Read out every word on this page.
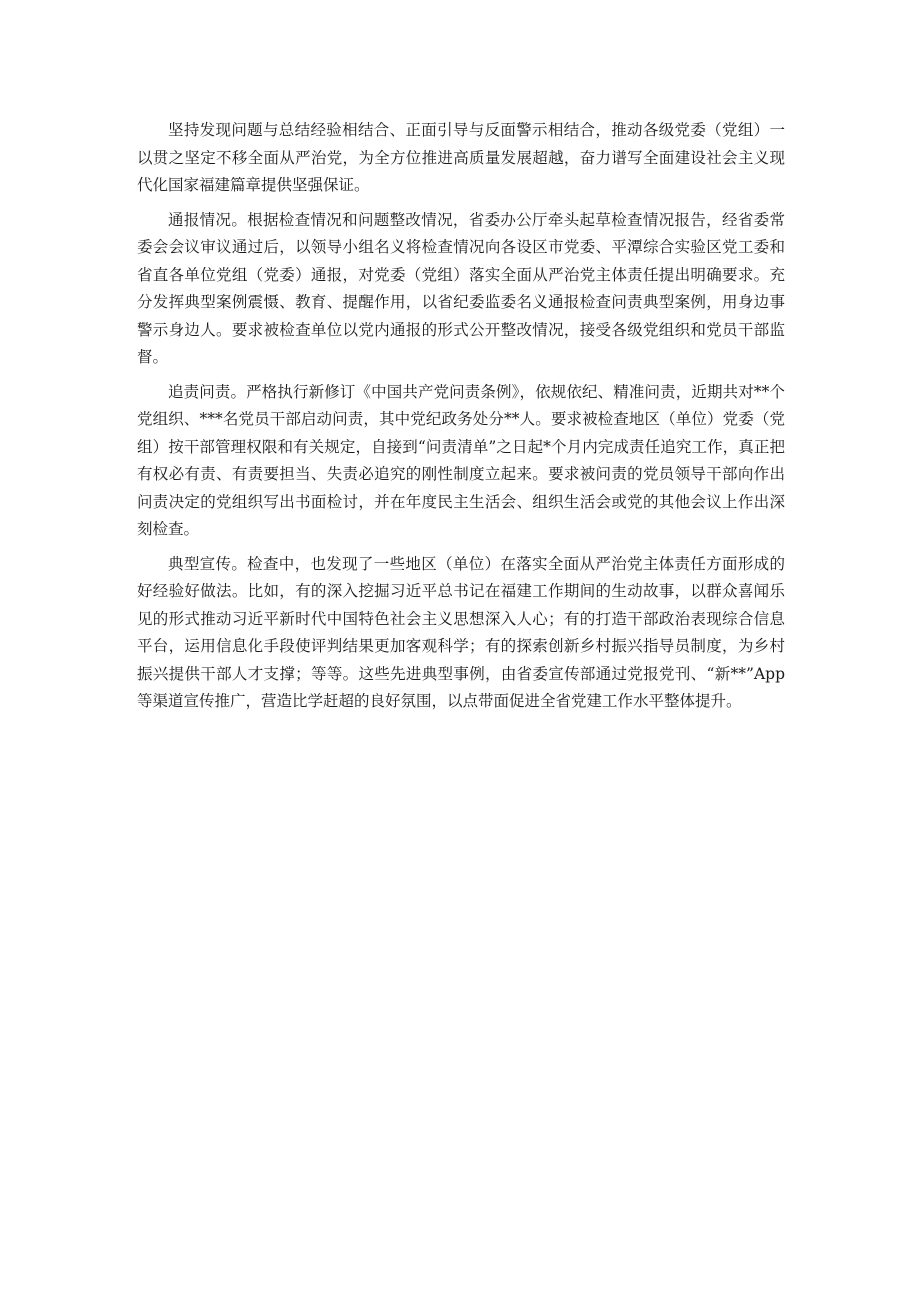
坚持发现问题与总结经验相结合、正面引导与反面警示相结合，推动各级党委（党组）一以贯之坚定不移全面从严治党，为全方位推进高质量发展超越，奋力谱写全面建设社会主义现代化国家福建篇章提供坚强保证。

通报情况。根据检查情况和问题整改情况，省委办公厅牵头起草检查情况报告，经省委常委会会议审议通过后，以领导小组名义将检查情况向各设区市党委、平潭综合实验区党工委和省直各单位党组（党委）通报，对党委（党组）落实全面从严治党主体责任提出明确要求。充分发挥典型案例震慑、教育、提醒作用，以省纪委监委名义通报检查问责典型案例，用身边事警示身边人。要求被检查单位以党内通报的形式公开整改情况，接受各级党组织和党员干部监督。

追责问责。严格执行新修订《中国共产党问责条例》，依规依纪、精准问责，近期共对**个党组织、***名党员干部启动问责，其中党纪政务处分**人。要求被检查地区（单位）党委（党组）按干部管理权限和有关规定，自接到“问责清单”之日起*个月内完成责任追究工作，真正把有权必有责、有责要担当、失责必追究的刚性制度立起来。要求被问责的党员领导干部向作出问责决定的党组织写出书面检讨，并在年度民主生活会、组织生活会或党的其他会议上作出深刻检查。

典型宣传。检查中，也发现了一些地区（单位）在落实全面从严治党主体责任方面形成的好经验好做法。比如，有的深入挖掘习近平总书记在福建工作期间的生动故事，以群众喜闻乐见的形式推动习近平新时代中国特色社会主义思想深入人心；有的打造干部政治表现综合信息平台，运用信息化手段使评判结果更加客观科学；有的探索创新乡村振兴指导员制度，为乡村振兴提供干部人才支撑；等等。这些先进典型事例，由省委宣传部通过党报党刊、“新**”App等渠道宣传推广，营造比学赶超的良好氛围，以点带面促进全省党建工作水平整体提升。
